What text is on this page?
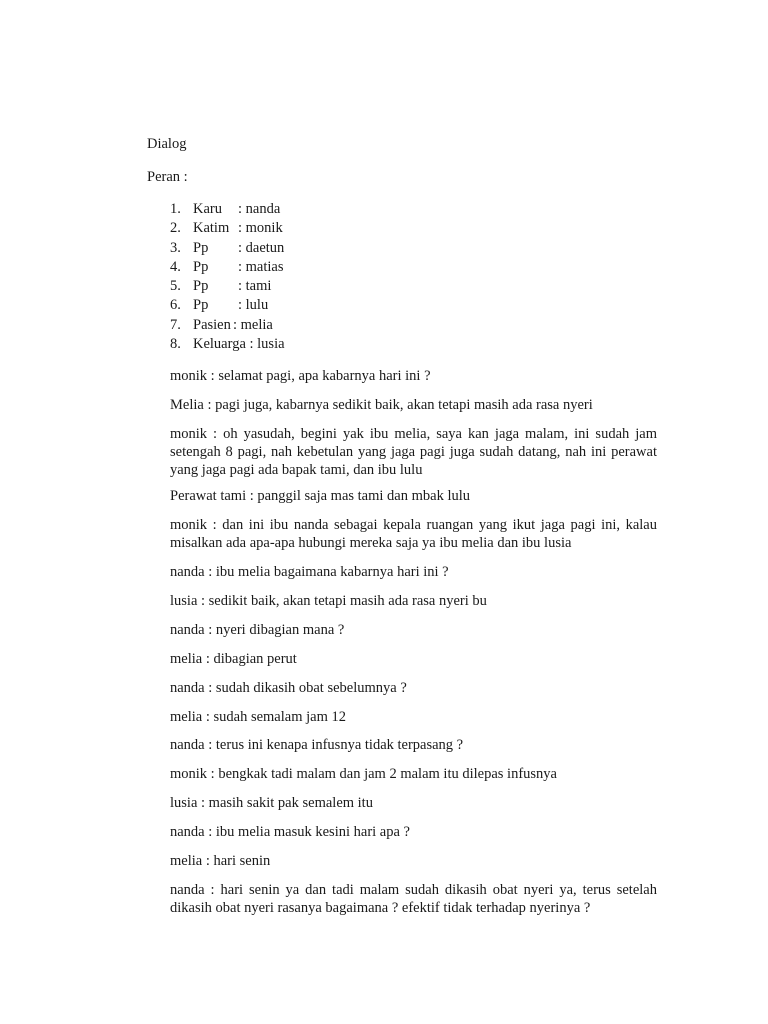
Dialog
Peran :
1. Karu : nanda
2. Katim : monik
3. Pp : daetun
4. Pp : matias
5. Pp : tami
6. Pp : lulu
7. Pasien : melia
8. Keluarga : lusia

monik : selamat pagi, apa kabarnya hari ini ?

Melia : pagi juga, kabarnya sedikit baik, akan tetapi masih ada rasa nyeri

monik : oh yasudah, begini yak ibu melia, saya kan jaga malam, ini sudah jam setengah 8 pagi, nah kebetulan yang jaga pagi juga sudah datang, nah ini perawat yang jaga pagi ada bapak tami, dan ibu lulu

Perawat tami : panggil saja mas tami dan mbak lulu

monik : dan ini ibu nanda sebagai kepala ruangan yang ikut jaga pagi ini, kalau misalkan ada apa-apa hubungi mereka saja ya ibu melia dan ibu lusia

nanda : ibu melia bagaimana kabarnya hari ini ?

lusia : sedikit baik, akan tetapi masih ada rasa nyeri bu

nanda : nyeri dibagian mana ?

melia : dibagian perut

nanda : sudah dikasih obat sebelumnya ?

melia : sudah semalam jam 12

nanda : terus ini kenapa infusnya tidak terpasang ?

monik : bengkak tadi malam dan jam 2 malam itu dilepas infusnya

lusia : masih sakit pak semalem itu

nanda : ibu melia masuk kesini hari apa ?

melia : hari senin

nanda : hari senin ya dan tadi malam sudah dikasih obat nyeri ya, terus setelah dikasih obat nyeri rasanya bagaimana ? efektif tidak terhadap nyerinya ?
